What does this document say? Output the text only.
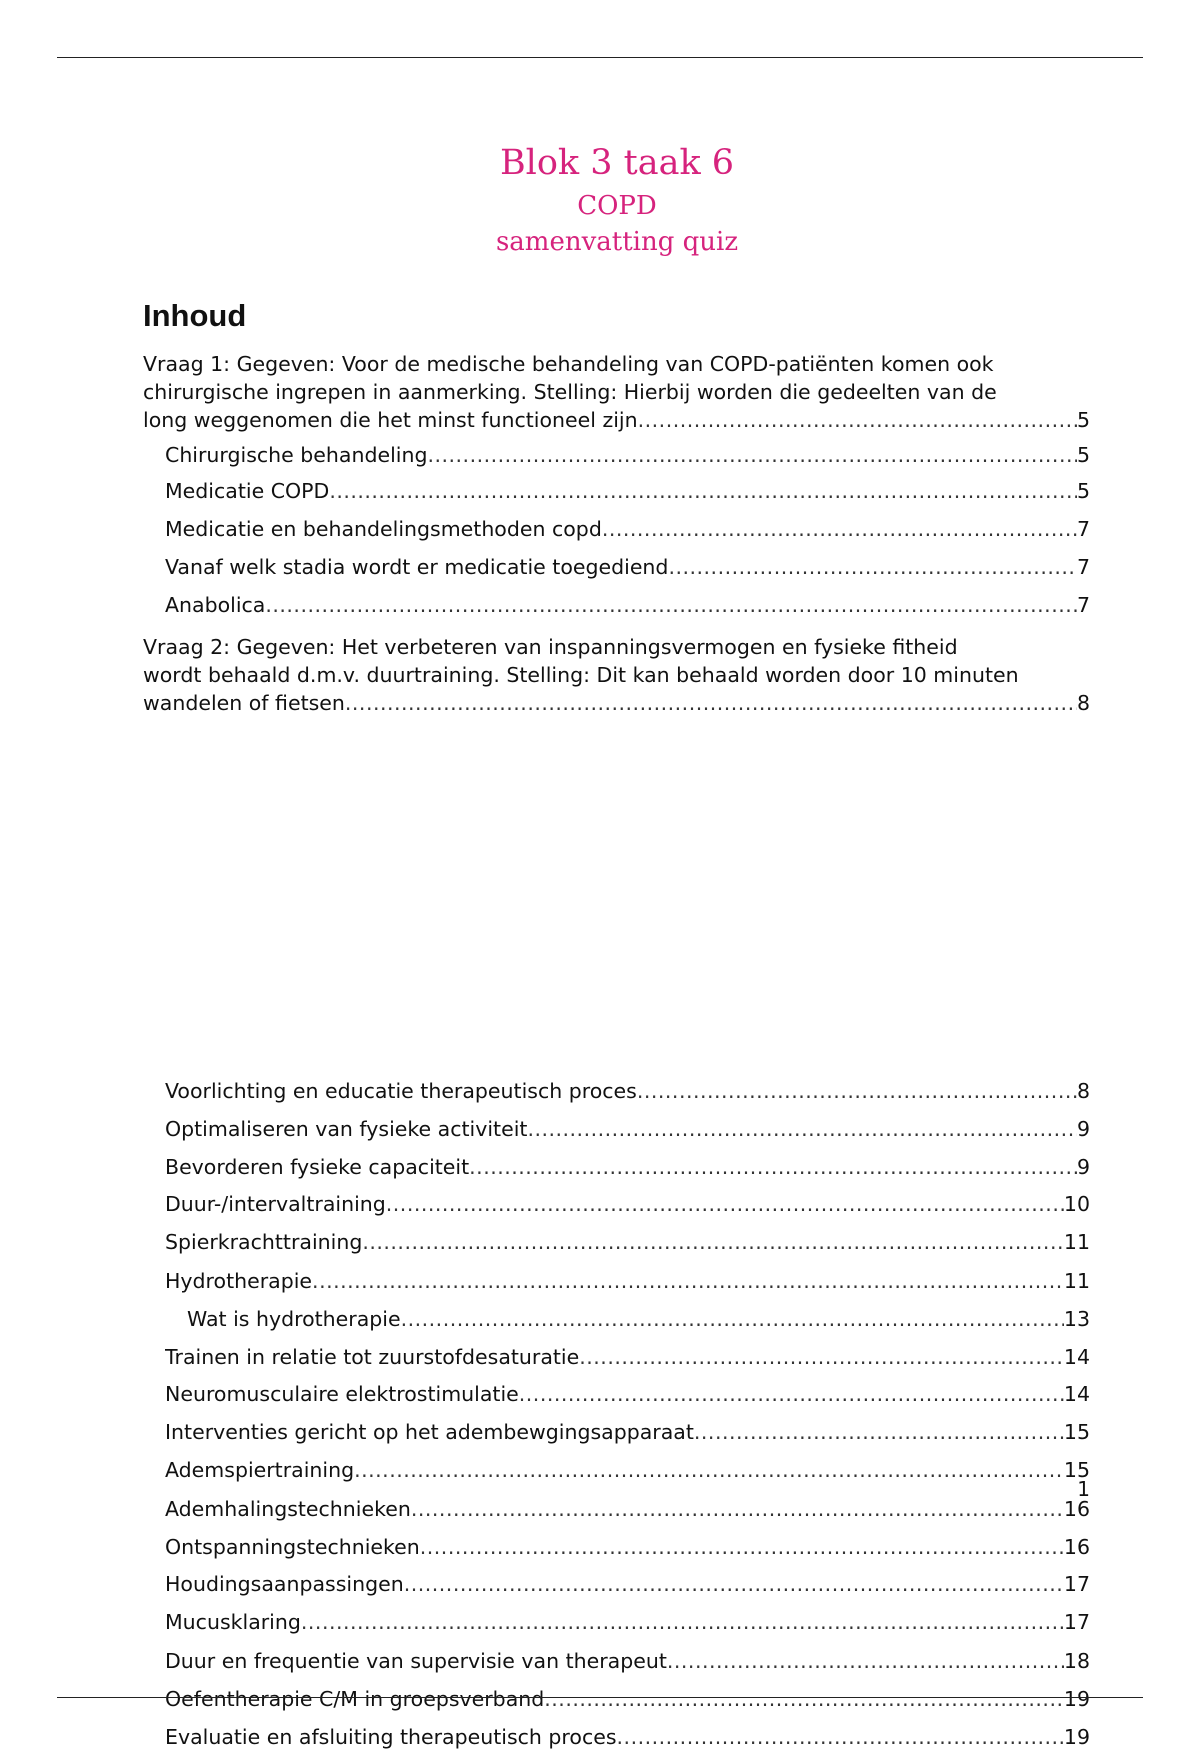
Blok 3 taak 6
COPD
samenvatting quiz
Inhoud
Vraag 1: Gegeven: Voor de medische behandeling van COPD-patiënten komen ook
chirurgische ingrepen in aanmerking. Stelling: Hierbij worden die gedeelten van de
long weggenomen die het minst functioneel zijn .....	5
Chirurgische behandeling .....	5
Medicatie COPD .....	5
Medicatie en behandelingsmethoden copd .....	7
Vanaf welk stadia wordt er medicatie toegediend .....	7
Anabolica .....	7
Vraag 2: Gegeven: Het verbeteren van inspanningsvermogen en fysieke fitheid
wordt behaald d.m.v. duurtraining. Stelling: Dit kan behaald worden door 10 minuten
wandelen of fietsen .....	8
Voorlichting en educatie therapeutisch proces .....	8
Optimaliseren van fysieke activiteit .....	9
Bevorderen fysieke capaciteit .....	9
Duur-/intervaltraining .....	10
Spierkrachttraining .....	11
Hydrotherapie .....	11
Wat is hydrotherapie .....	13
Trainen in relatie tot zuurstofdesaturatie .....	14
Neuromusculaire elektrostimulatie .....	14
Interventies gericht op het adembewgingsapparaat .....	15
Ademspiertraining .....	15
Ademhalingstechnieken .....	16
Ontspanningstechnieken .....	16
Houdingsaanpassingen .....	17
Mucusklaring .....	17
Duur en frequentie van supervisie van therapeut .....	18
Oefentherapie C/M in groepsverband .....	19
Evaluatie en afsluiting therapeutisch proces .....	19
1
